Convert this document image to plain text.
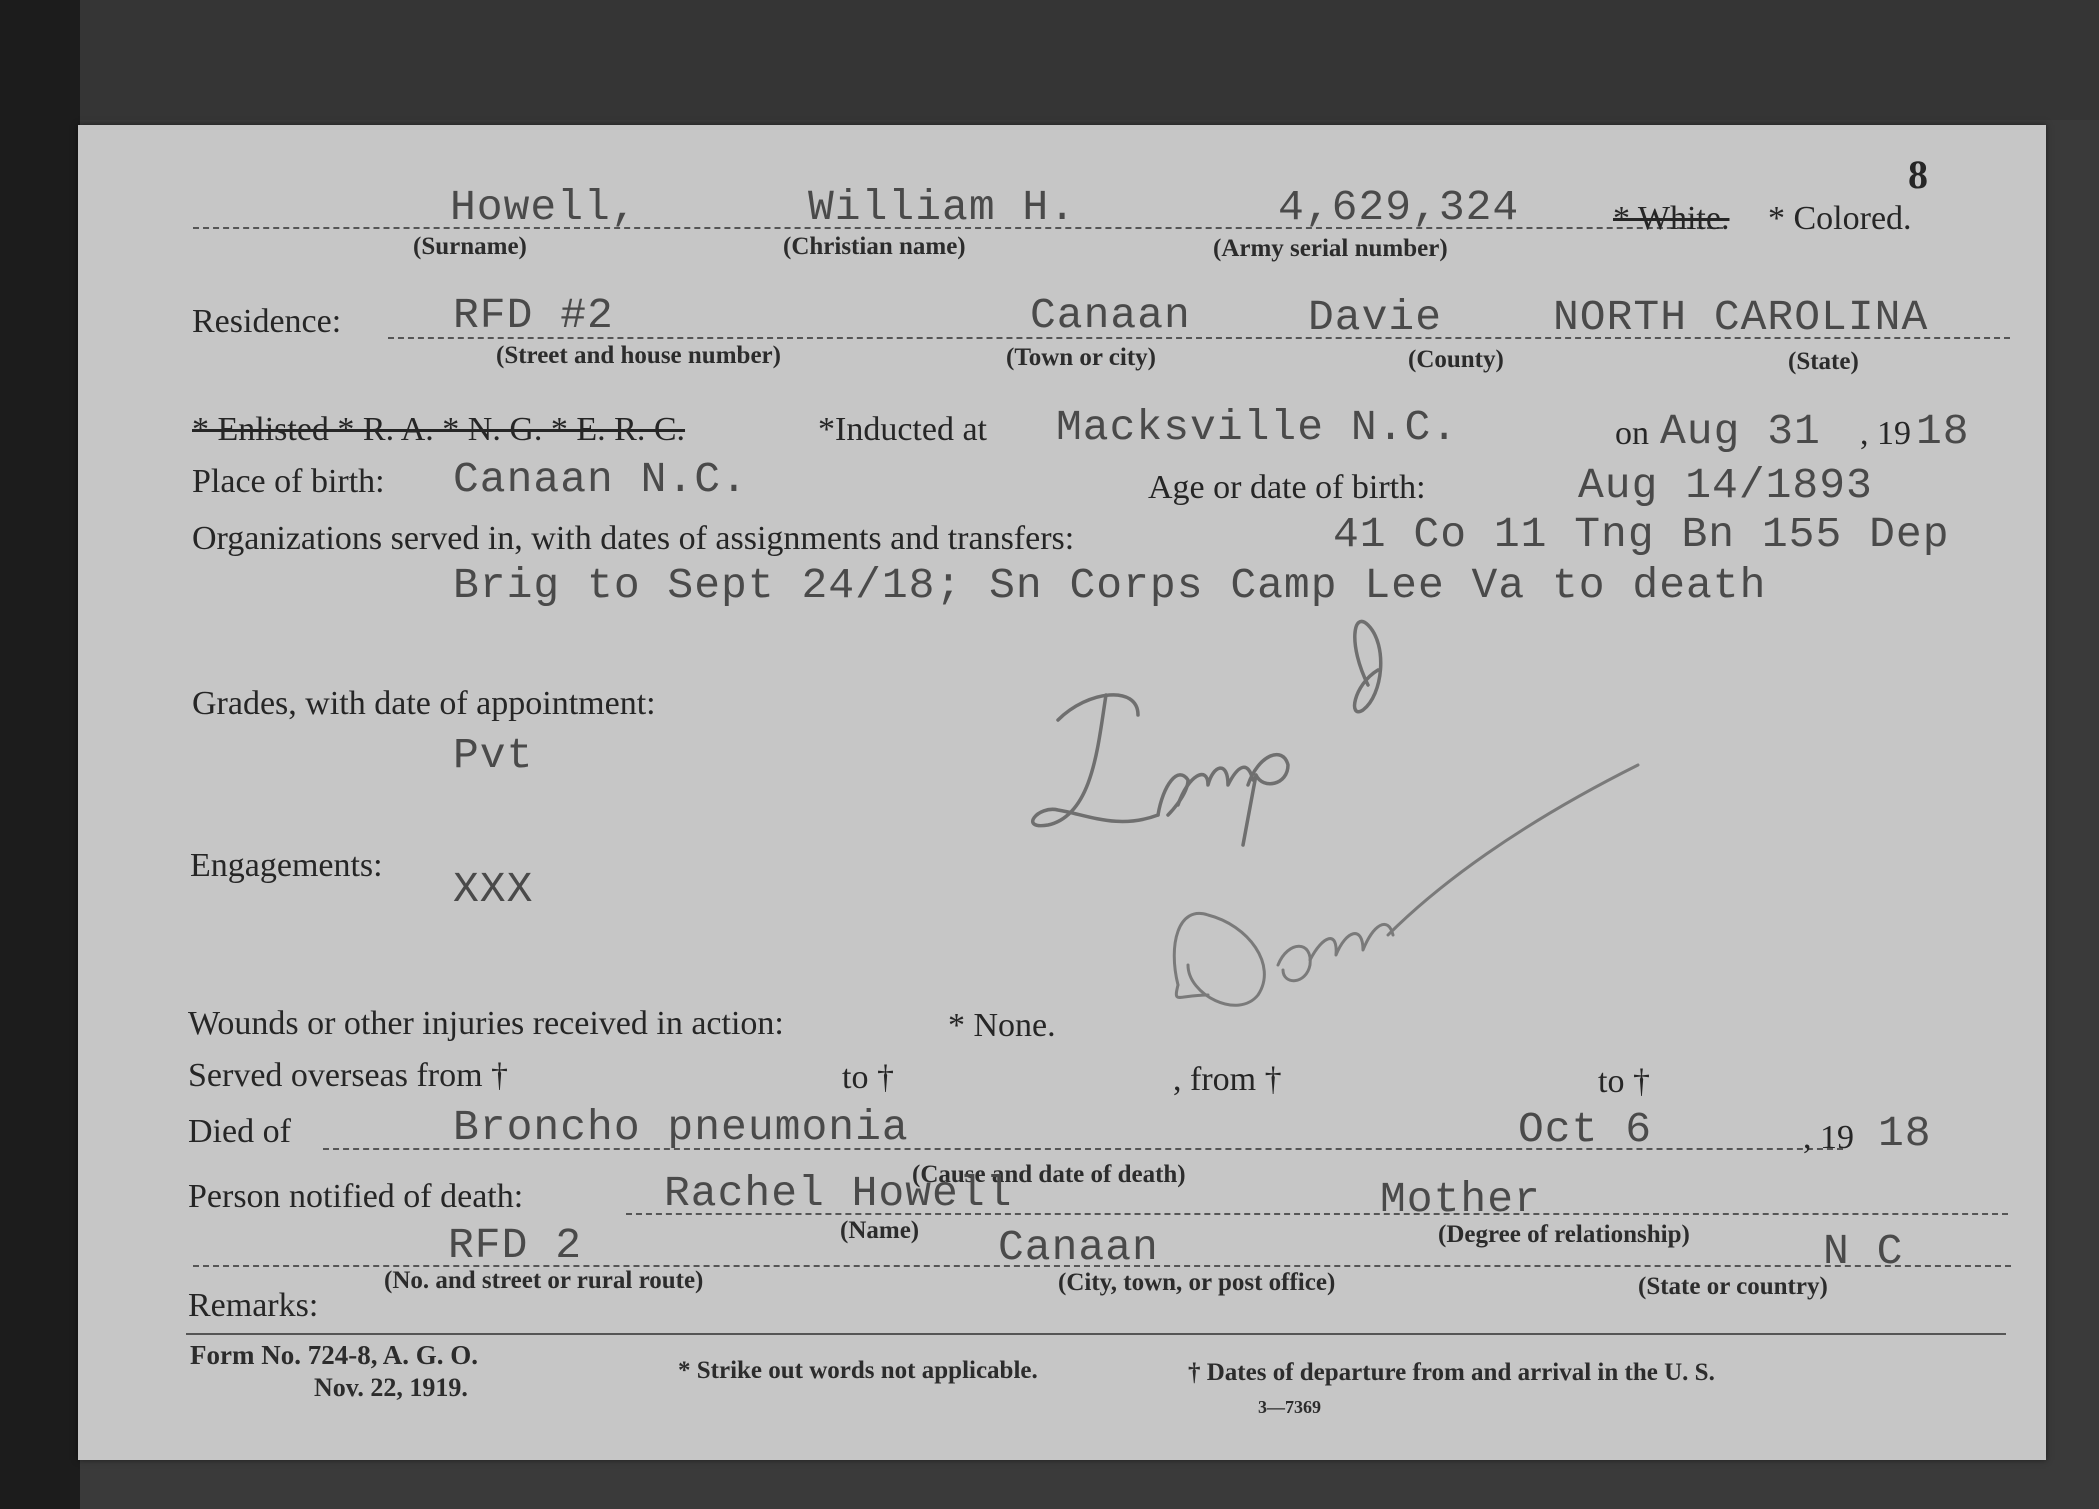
8
Howell,	William H.	4,629,324	* White. * Colored.
(Surname)	(Christian name)	(Army serial number)
Residence:	RFD #2	Canaan	Davie	NORTH CAROLINA
(Street and house number)	(Town or city)	(County)	(State)
* Enlisted * R. A. * N. G. * E. R. C.	*Inducted at Macksville N.C.	on Aug 31 , 19 18
Place of birth: Canaan N.C.	Age or date of birth:	Aug 14/1893
Organizations served in, with dates of assignments and transfers:	41 Co 11 Tng Bn 155 Dep
Brig to Sept 24/18; Sn Corps Camp Lee Va to death
Grades, with date of appointment:
Pvt
Engagements: XXX
Wounds or other injuries received in action:	* None.
Served overseas from †	to †	, from †	to †
Died of	Broncho pneumonia	Oct 6	, 19 18
(Cause and date of death)
Person notified of death:	Rachel Howell	Mother
(Name)	(Degree of relationship)
RFD 2	Canaan	N C
(No. and street or rural route)	(City, town, or post office)	(State or country)
Remarks:
Form No. 724-8, A. G. O.
Nov. 22, 1919.
* Strike out words not applicable.	† Dates of departure from and arrival in the U. S.
3—7369
